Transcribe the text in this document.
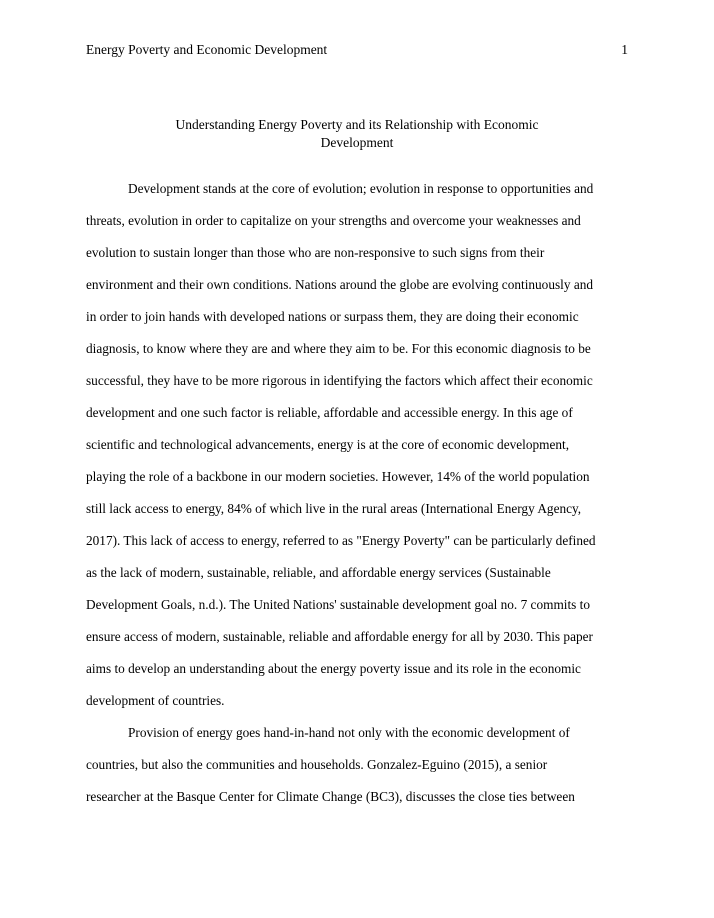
Energy Poverty and Economic Development	1
Understanding Energy Poverty and its Relationship with Economic
Development
Development stands at the core of evolution; evolution in response to opportunities and
threats, evolution in order to capitalize on your strengths and overcome your weaknesses and
evolution to sustain longer than those who are non-responsive to such signs from their
environment and their own conditions. Nations around the globe are evolving continuously and
in order to join hands with developed nations or surpass them, they are doing their economic
diagnosis, to know where they are and where they aim to be. For this economic diagnosis to be
successful, they have to be more rigorous in identifying the factors which affect their economic
development and one such factor is reliable, affordable and accessible energy. In this age of
scientific and technological advancements, energy is at the core of economic development,
playing the role of a backbone in our modern societies. However, 14% of the world population
still lack access to energy, 84% of which live in the rural areas (International Energy Agency,
2017). This lack of access to energy, referred to as "Energy Poverty" can be particularly defined
as the lack of modern, sustainable, reliable, and affordable energy services (Sustainable
Development Goals, n.d.). The United Nations' sustainable development goal no. 7 commits to
ensure access of modern, sustainable, reliable and affordable energy for all by 2030. This paper
aims to develop an understanding about the energy poverty issue and its role in the economic
development of countries.
Provision of energy goes hand-in-hand not only with the economic development of
countries, but also the communities and households. Gonzalez-Eguino (2015), a senior
researcher at the Basque Center for Climate Change (BC3), discusses the close ties between
